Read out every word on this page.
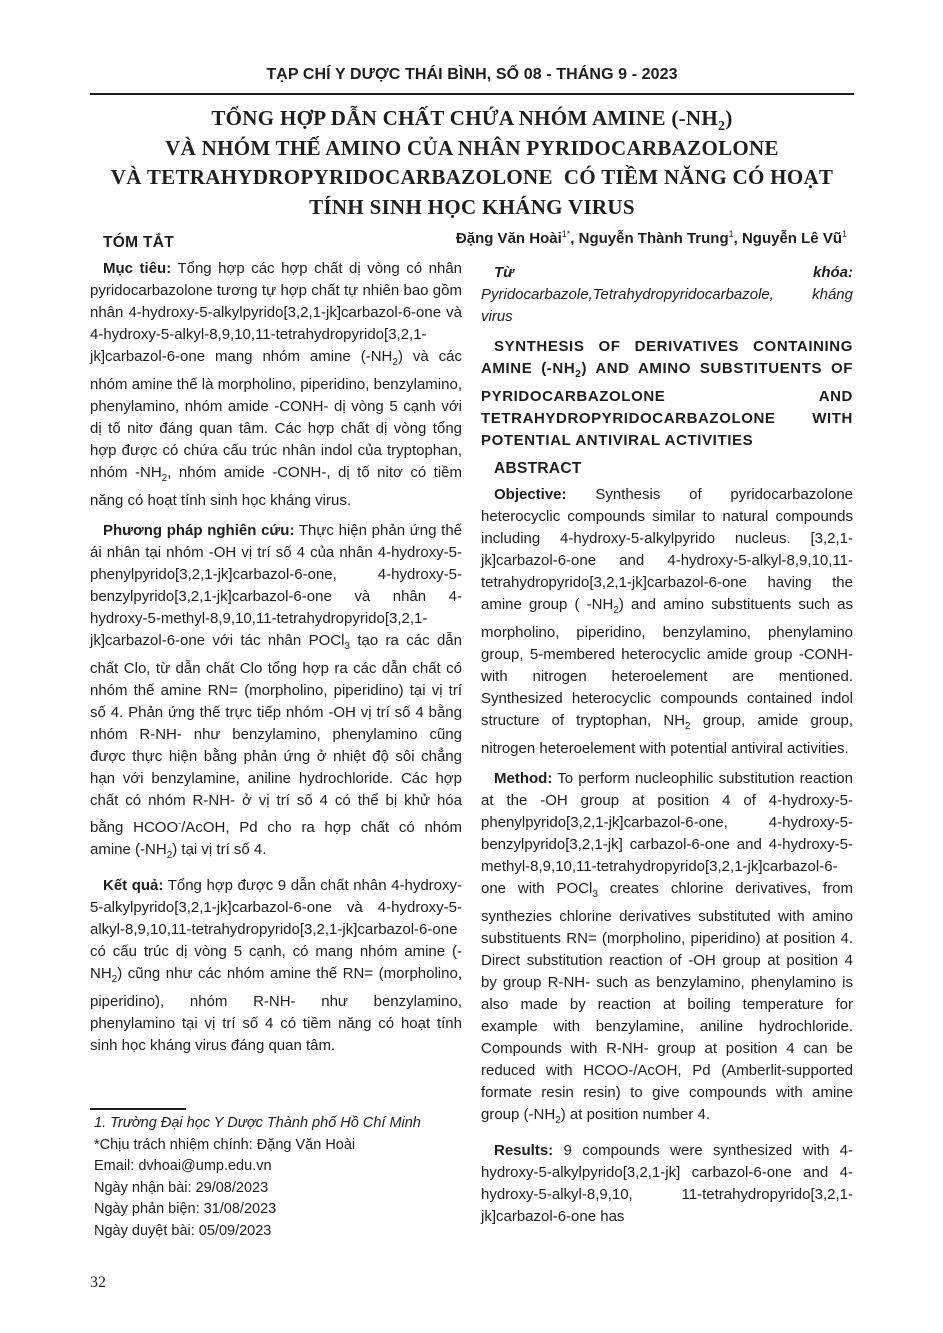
TẠP CHÍ Y DƯỢC THÁI BÌNH, SỐ 08 - THÁNG 9 - 2023
TỔNG HỢP DẪN CHẤT CHỨA NHÓM AMINE $(-NH_2)$
VÀ NHÓM THẾ AMINO CỦA NHÂN PYRIDOCARBAZOLONE
VÀ TETRAHYDROPYRIDOCARBAZOLONE  CÓ TIỀM NĂNG CÓ HOẠT
TÍNH SINH HỌC KHÁNG VIRUS
Đặng Văn Hoài$^{1*}$, Nguyễn Thành Trung$^1$, Nguyễn Lê $Vũ^1$
TÓM TẮT

Mục tiêu: Tổng hợp các hợp chất dị vòng có nhân pyridocarbazolone tương tự hợp chất tự nhiên bao gồm nhân 4-hydroxy-5-alkylpyrido[3,2,1-jk]carbazol-6-one và 4-hydroxy-5-alkyl-8,9,10,11-tetrahydropyrido[3,2,1-jk]carbazol-6-one mang nhóm amine $(-NH_2)$ và các nhóm amine thế là morpholino, piperidino, benzylamino, phenylamino, nhóm amide -CONH- dị vòng 5 cạnh với dị tố nitơ đáng quan tâm. Các hợp chất dị vòng tổng hợp được có chứa cấu trúc nhân indol của tryptophan, nhóm $-NH_2$, nhóm amide -CONH-, dị tố nitơ có tiềm năng có hoạt tính sinh học kháng virus.

Phương pháp nghiên cứu: Thực hiện phản ứng thế ái nhân tại nhóm -OH vị trí số 4 của nhân 4-hydroxy-5-phenylpyrido[3,2,1-jk]carbazol-6-one, 4-hydroxy-5-benzylpyrido[3,2,1-jk]carbazol-6-one và nhân 4-hydroxy-5-methyl-8,9,10,11-tetrahydropyrido[3,2,1-jk]carbazol-6-one với tác nhân POCl$_3$ tạo ra các dẫn chất Clo, từ dẫn chất Clo tổng hợp ra các dẫn chất có nhóm thế amine RN= (morpholino, piperidino) tại vị trí số 4. Phản ứng thế trực tiếp nhóm -OH vị trí số 4 bằng nhóm R-NH- như benzylamino, phenylamino cũng được thực hiện bằng phản ứng ở nhiệt độ sôi chẳng hạn với benzylamine, aniline hydrochloride. Các hợp chất có nhóm R-NH- ở vị trí số 4 có thể bị khử hóa bằng HCOO-/AcOH, Pd cho ra hợp chất có nhóm amine $(-NH_2)$ tại vị trí số 4.

Kết quả: Tổng hợp được 9 dẫn chất nhân 4-hydroxy-5-alkylpyrido[3,2,1-jk]carbazol-6-one và 4-hydroxy-5-alkyl-8,9,10,11-tetrahydropyrido[3,2,1-jk]carbazol-6-one có cấu trúc dị vòng 5 cạnh, có mang nhóm amine $(-NH_2)$ cũng như các nhóm amine thế RN= (morpholino, piperidino), nhóm R-NH- như benzylamino, phenylamino tại vị trí số 4 có tiềm năng có hoạt tính sinh học kháng virus đáng quan tâm.

Từ khóa: Pyridocarbazole,Tetrahydropyridocarbazole, kháng virus

SYNTHESIS OF DERIVATIVES CONTAINING AMINE $(-NH_2)$ AND AMINO SUBSTITUENTS OF PYRIDOCARBAZOLONE AND TETRAHYDROPYRIDOCARBAZOLONE WITH POTENTIAL ANTIVIRAL ACTIVITIES
ABSTRACT

Objective: Synthesis of pyridocarbazolone heterocyclic compounds similar to natural compounds including 4-hydroxy-5-alkylpyrido nucleus. [3,2,1-jk]carbazol-6-one and 4-hydroxy-5-alkyl-8,9,10,11-tetrahydropyrido[3,2,1-jk]carbazol-6-one having the amine group ( $-NH_2$) and amino substituents such as morpholino, piperidino, benzylamino, phenylamino group, 5-membered heterocyclic amide group -CONH- with nitrogen heteroelement are mentioned. Synthesized heterocyclic compounds contained indol structure of tryptophan, $NH_2$ group, amide group, nitrogen heteroelement with potential antiviral activities.

Method: To perform nucleophilic substitution reaction at the -OH group at position 4 of 4-hydroxy-5-phenylpyrido[3,2,1-jk]carbazol-6-one, 4-hydroxy-5- benzylpyrido[3,2,1-jk] carbazol-6-one and 4-hydroxy-5-methyl-8,9,10,11-tetrahydropyrido[3,2,1-jk]carbazol-6-one with POCl$_3$ creates chlorine derivatives, from synthezies chlorine derivatives substituted with amino substituents RN= (morpholino, piperidino) at position 4. Direct substitution reaction of -OH group at position 4 by group R-NH- such as benzylamino, phenylamino is also made by reaction at boiling temperature for example with benzylamine, aniline hydrochloride. Compounds with R-NH- group at position 4 can be reduced with HCOO-/AcOH, Pd (Amberlit-supported formate resin resin) to give compounds with amine group $(-NH_2)$ at position number 4.

Results: 9 compounds were synthesized with 4-hydroxy-5-alkylpyrido[3,2,1-jk] carbazol-6-one and 4-hydroxy-5-alkyl-8,9,10, 11-tetrahydropyrido[3,2,1-jk]carbazol-6-one has

1. Trường Đại học Y Dược Thành phố Hồ Chí Minh
*Chịu trách nhiệm chính: Đặng Văn Hoài
Email: dvhoai@ump.edu.vn
Ngày nhận bài: 29/08/2023
Ngày phản biện: 31/08/2023
Ngày duyệt bài: 05/09/2023
32
